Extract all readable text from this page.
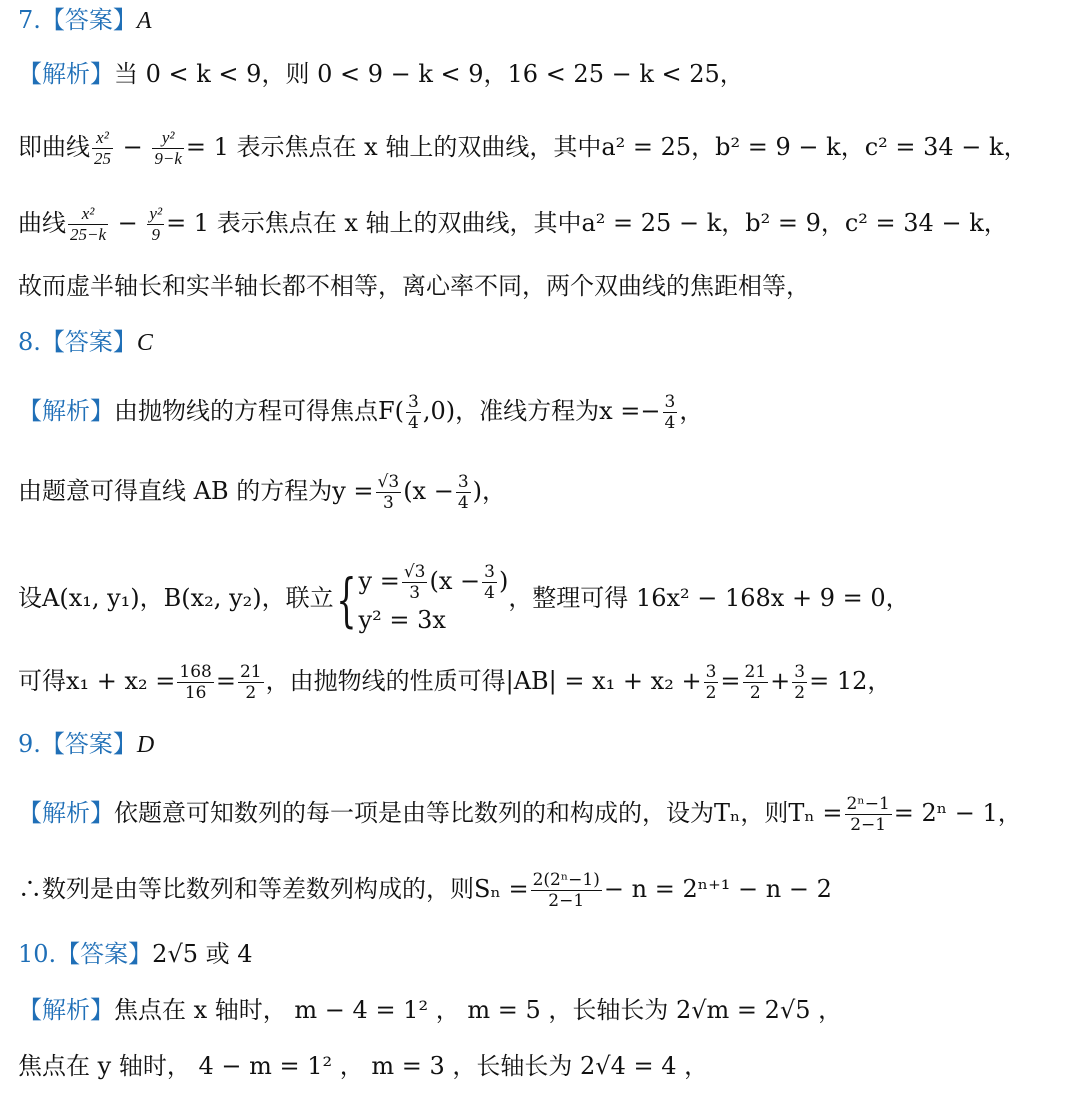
7.【答案】A
【解析】当 0 < k < 9，则 0 < 9 − k < 9，16 < 25 − k < 25，
即曲线 $\frac{\text{x²}}{25} - \frac{\text{y²}}{9-k} = 1$ 表示焦点在 x 轴上的双曲线，其中a² = 25，b² = 9 − k，c² = 34 − k，
曲线 $\frac{\text{x²}}{25-k} - \frac{\text{y²}}{9} = 1$ 表示焦点在 x 轴上的双曲线，其中a² = 25 − k，b² = 9，c² = 34 − k，
故而虚半轴长和实半轴长都不相等，离心率不同，两个双曲线的焦距相等，
8.【答案】C
【解析】由抛物线的方程可得焦点$F( \frac{3}{4} ,0)$，准线方程为$x =- \frac{3}{4}$ ，
由题意可得直线 AB 的方程为$y = \frac{√3}{3} (x - \frac{3}{4}$ )，
设A(x₁, y₁)，B(x₂, y₂)，联立{ $y = \frac{√3}{3} (x - \frac{3}{4}$ )
y² = 3x
，整理可得 16x² − 168x + 9 = 0，
可得$x_1 + x_2 = \frac{168}{16} = \frac{21}{2}$ ，由抛物线的性质可得$|AB| = x_1 + x_2 + \frac{3}{2} = \frac{21}{2} + \frac{3}{2} = 12$，
9.【答案】D
【解析】依题意可知数列的每一项是由等比数列的和构成的，设为Tₙ，则$T_n = \frac{\text{2ⁿ−1}}{2-1} = 2^n - 1$，
∴数列是由等比数列和等差数列构成的，则$S_n = \frac{\text{2(2ⁿ−1)}}{2-1} - n = 2^{n+1} - n - 2$
10.【答案】2√5 或 4
【解析】焦点在 x 轴时， m − 4 = 1² ， m = 5 ，长轴长为 2√m = 2√5 ，
焦点在 y 轴时， 4 − m = 1² ， m = 3 ，长轴长为 2√4 = 4 ，
